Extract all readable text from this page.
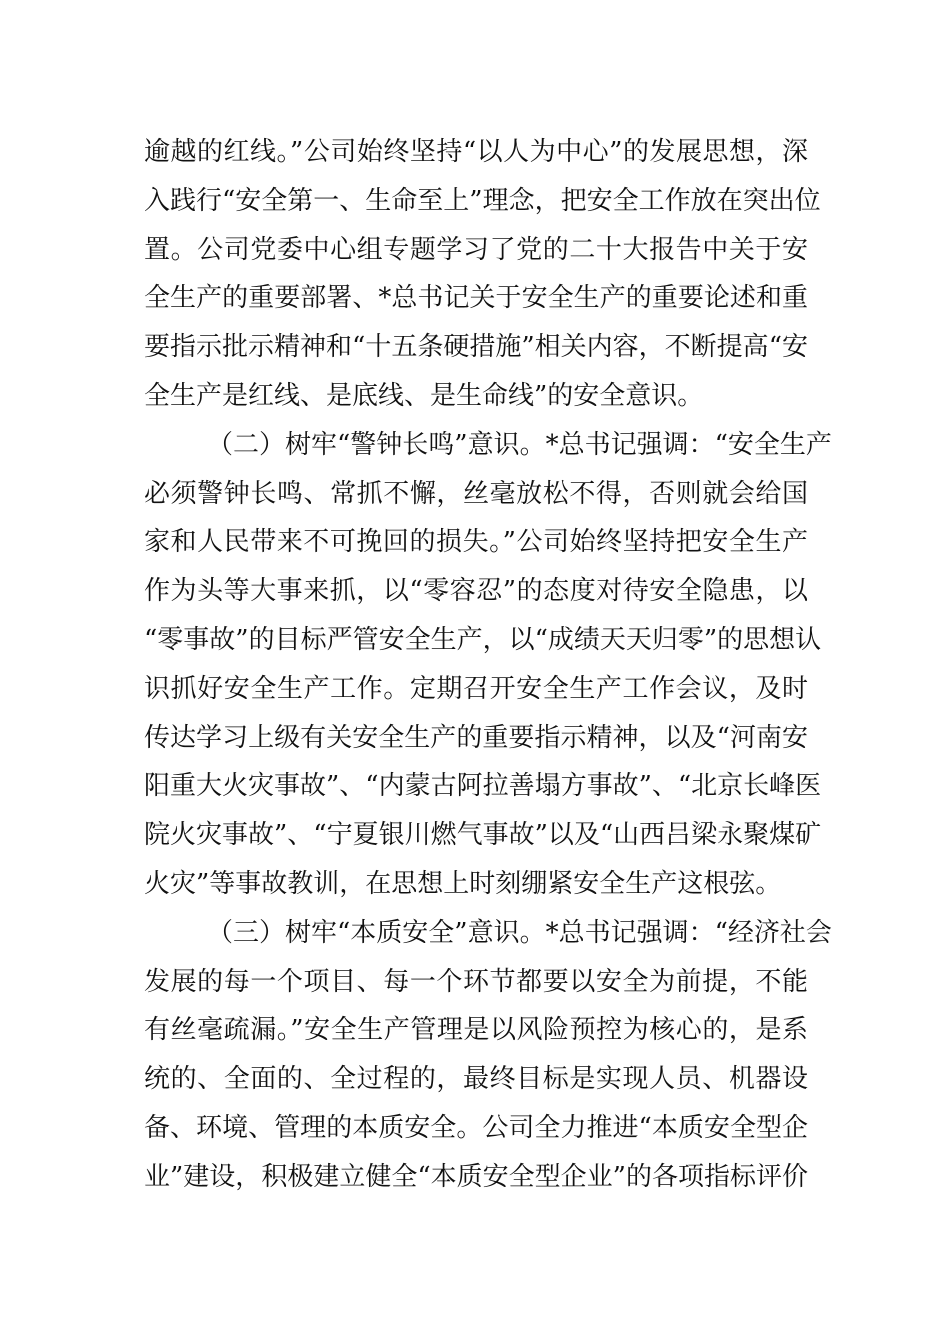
逾越的红线。”公司始终坚持“以人为中心”的发展思想，深
入践行“安全第一、生命至上”理念，把安全工作放在突出位
置。公司党委中心组专题学习了党的二十大报告中关于安
全生产的重要部署、*总书记关于安全生产的重要论述和重
要指示批示精神和“十五条硬措施”相关内容，不断提高“安
全生产是红线、是底线、是生命线”的安全意识。
（二）树牢“警钟长鸣”意识。*总书记强调：“安全生产
必须警钟长鸣、常抓不懈，丝毫放松不得，否则就会给国
家和人民带来不可挽回的损失。”公司始终坚持把安全生产
作为头等大事来抓，以“零容忍”的态度对待安全隐患，以
“零事故”的目标严管安全生产，以“成绩天天归零”的思想认
识抓好安全生产工作。定期召开安全生产工作会议，及时
传达学习上级有关安全生产的重要指示精神，以及“河南安
阳重大火灾事故”、“内蒙古阿拉善塌方事故”、“北京长峰医
院火灾事故”、“宁夏银川燃气事故”以及“山西吕梁永聚煤矿
火灾”等事故教训，在思想上时刻绷紧安全生产这根弦。
（三）树牢“本质安全”意识。*总书记强调：“经济社会
发展的每一个项目、每一个环节都要以安全为前提，不能
有丝毫疏漏。”安全生产管理是以风险预控为核心的，是系
统的、全面的、全过程的，最终目标是实现人员、机器设
备、环境、管理的本质安全。公司全力推进“本质安全型企
业”建设，积极建立健全“本质安全型企业”的各项指标评价
